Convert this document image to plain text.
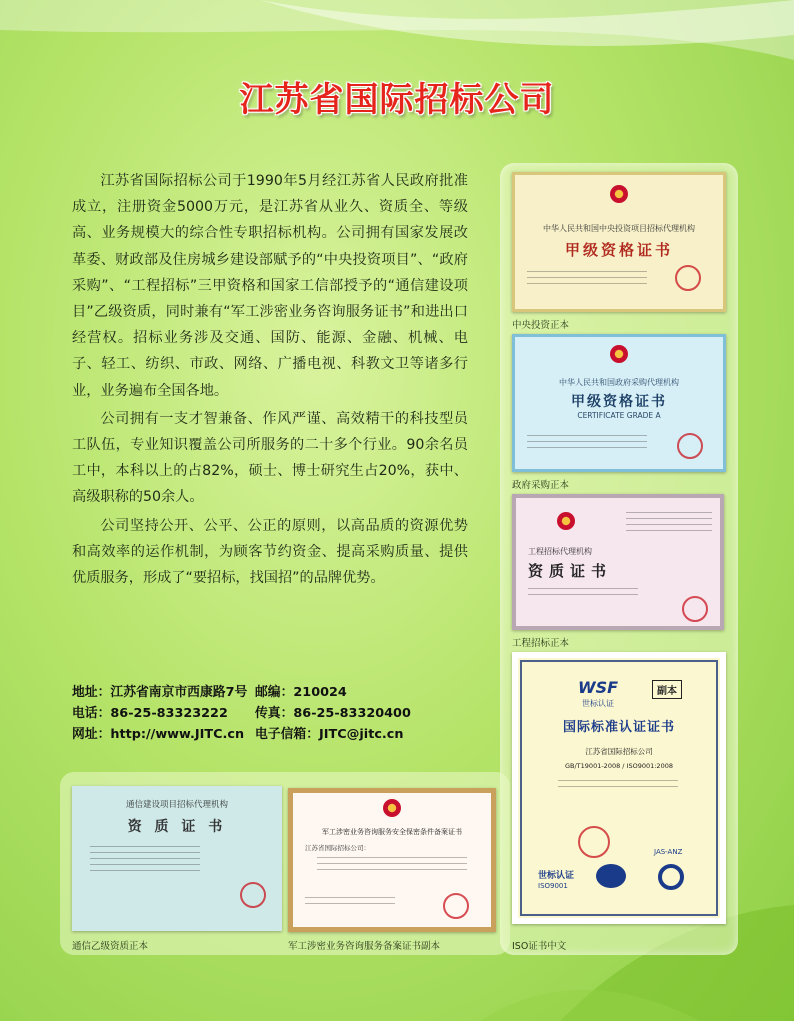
江苏省国际招标公司

江苏省国际招标公司于1990年5月经江苏省人民政府批准成立，注册资金5000万元，是江苏省从业久、资质全、等级高、业务规模大的综合性专职招标机构。公司拥有国家发展改革委、财政部及住房城乡建设部赋予的“中央投资项目”、“政府采购”、“工程招标”三甲资格和国家工信部授予的“通信建设项目”乙级资质，同时兼有“军工涉密业务咨询服务证书”和进出口经营权。招标业务涉及交通、国防、能源、金融、机械、电子、轻工、纺织、市政、网络、广播电视、科教文卫等诸多行业，业务遍布全国各地。

公司拥有一支才智兼备、作风严谨、高效精干的科技型员工队伍，专业知识覆盖公司所服务的二十多个行业。90余名员工中，本科以上的占82%，硕士、博士研究生占20%，获中、高级职称的50余人。

公司坚持公开、公平、公正的原则，以高品质的资源优势和高效率的运作机制，为顾客节约资金、提高采购质量、提供优质服务，形成了“要招标，找国招”的品牌优势。

地址：江苏省南京市西康路7号 邮编：210024
电话：86-25-83323222	传真：86-25-83320400
网址：http://www.JITC.cn 电子信箱：JITC@jitc.cn
中华人民共和国中央投资项目招标代理机构
甲级资格证书
中央投资正本
中华人民共和国政府采购代理机构
甲级资格证书
CERTIFICATE GRADE A
政府采购正本
工程招标代理机构
资质证书
工程招标正本
WSF
世标认证
副本
国际标准认证证书
江苏省国际招标公司
GB/T19001-2008 / ISO9001:2008
世标认证
ISO9001
JAS-ANZ
ISO证书中文
通信建设项目招标代理机构
资 质 证 书
通信乙级资质正本
军工涉密业务咨询服务安全保密条件备案证书
江苏省国际招标公司：
军工涉密业务咨询服务备案证书副本
